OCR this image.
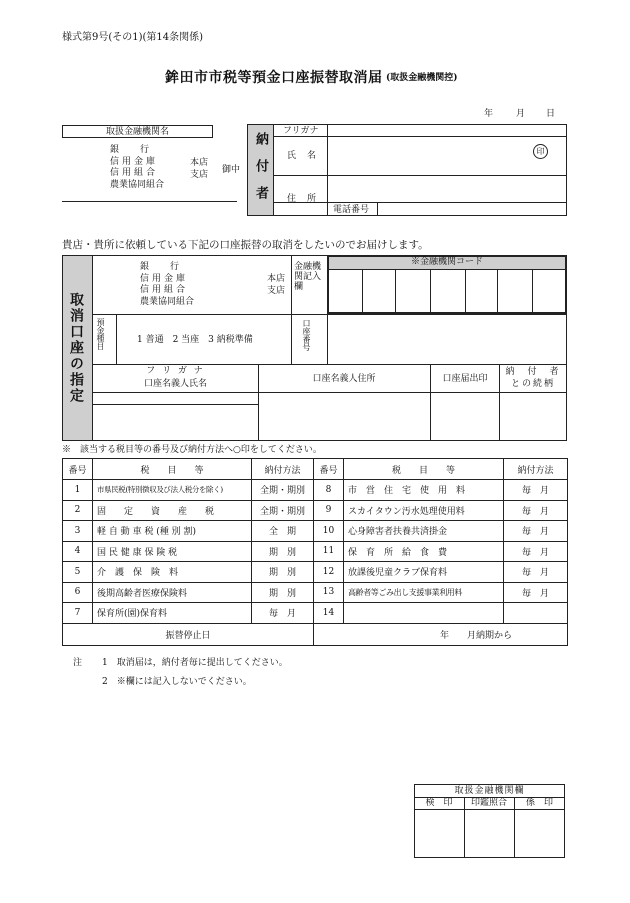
様式第9号(その1)(第14条関係)
鉾田市市税等預金口座振替取消届 (取扱金融機関控)
年	月 日
取扱金融機関名
銀　　行
信用金庫
信用組合
農業協同組合
本店
支店 御中 納付者
フリガナ
氏　名	印
住　所
電話番号
貴店・貴所に依頼している下記の口座振替の取消をしたいのでお届けします。
取消口座の指定
銀　　行
信用金庫
信用組合
農業協同組合
本店
支店
金融機関記入欄
※金融機関コード
預金種目	1 普通　2 当座　3 納税準備	口座番号
フ リ ガ ナ
口座名義人氏名	口座名義人住所	口座届出印
納　付　者との続柄
※　該当する税目等の番号及び納付方法へ○印をしてください。
番号	税　　目　　等	納付方法	番号	税　　目　　等	納付方法
1	市県民税(特別徴収及び法人税分を除く)	全期・期別	8	市　営　住　宅　使　用　料	毎　月
2	固　　定　　資　　産　　税	全期・期別	9	スカイタウン汚水処理使用料	毎　月
3	軽 自 動 車 税 (種 別 割)	全　期	10	心身障害者扶養共済掛金	毎　月
4	国 民 健 康 保 険 税	期　別	11	保　育　所　給　食　費	毎　月
5	介　護　保　険　料	期　別	12	放課後児童クラブ保育料	毎　月
6	後期高齢者医療保険料	期　別	13	高齢者等ごみ出し支援事業利用料	毎　月
7	保育所(園)保育料	毎　月	14		
振替停止日			年　　月納期から		
注 1　取消届は，納付者毎に提出してください。
2　※欄には記入しないでください。
取扱金融機関欄
検　印	印鑑照合	係　印
